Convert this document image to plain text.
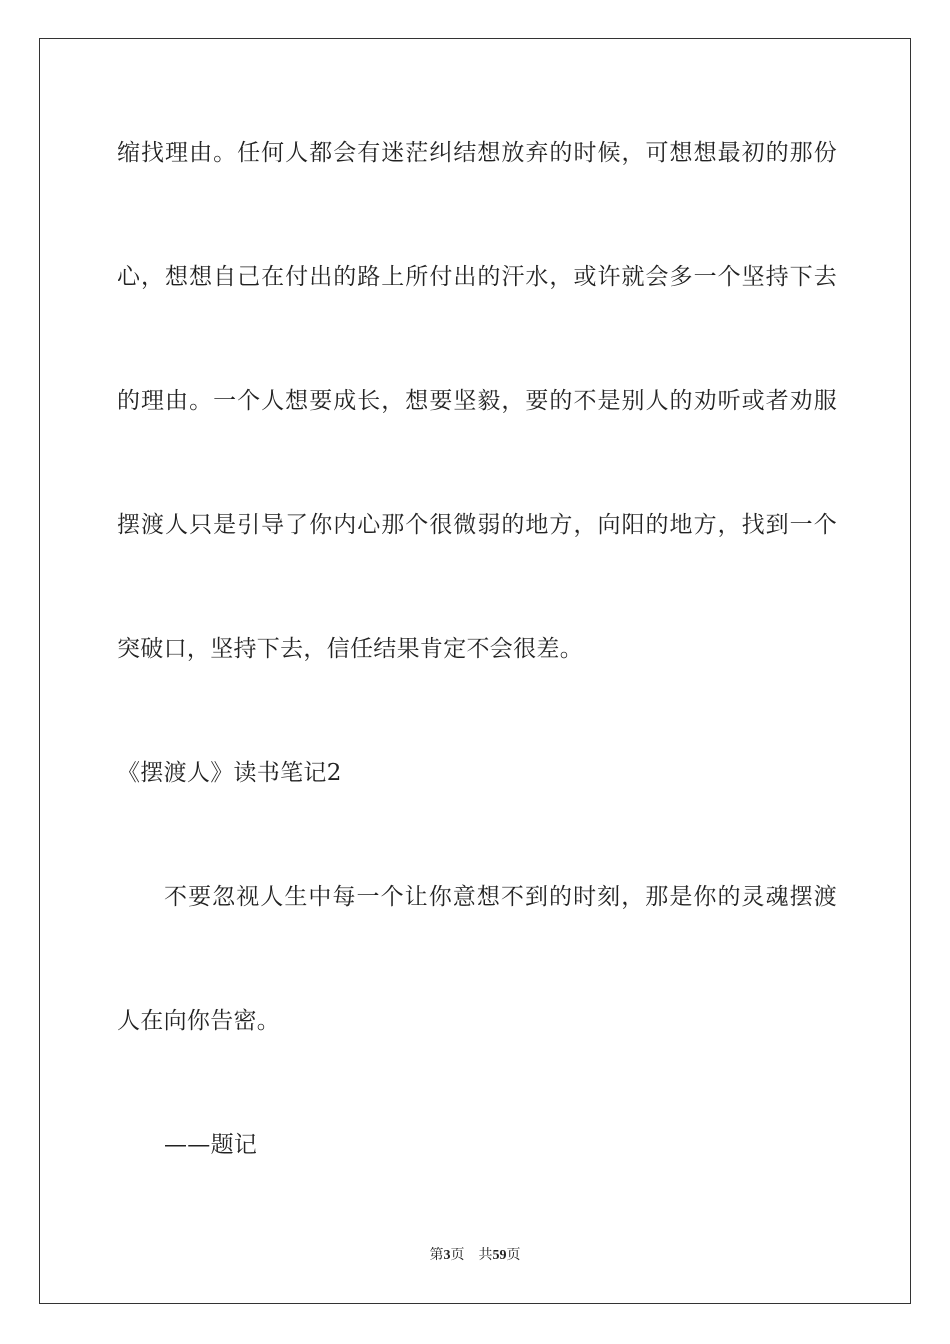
缩找理由。任何人都会有迷茫纠结想放弃的时候，可想想最初的那份
心，想想自己在付出的路上所付出的汗水，或许就会多一个坚持下去
的理由。一个人想要成长，想要坚毅，要的不是别人的劝听或者劝服
摆渡人只是引导了你内心那个很微弱的地方，向阳的地方，找到一个
突破口，坚持下去，信任结果肯定不会很差。
《摆渡人》读书笔记2
不要忽视人生中每一个让你意想不到的时刻，那是你的灵魂摆渡
人在向你告密。
——题记
第3页 共59页
